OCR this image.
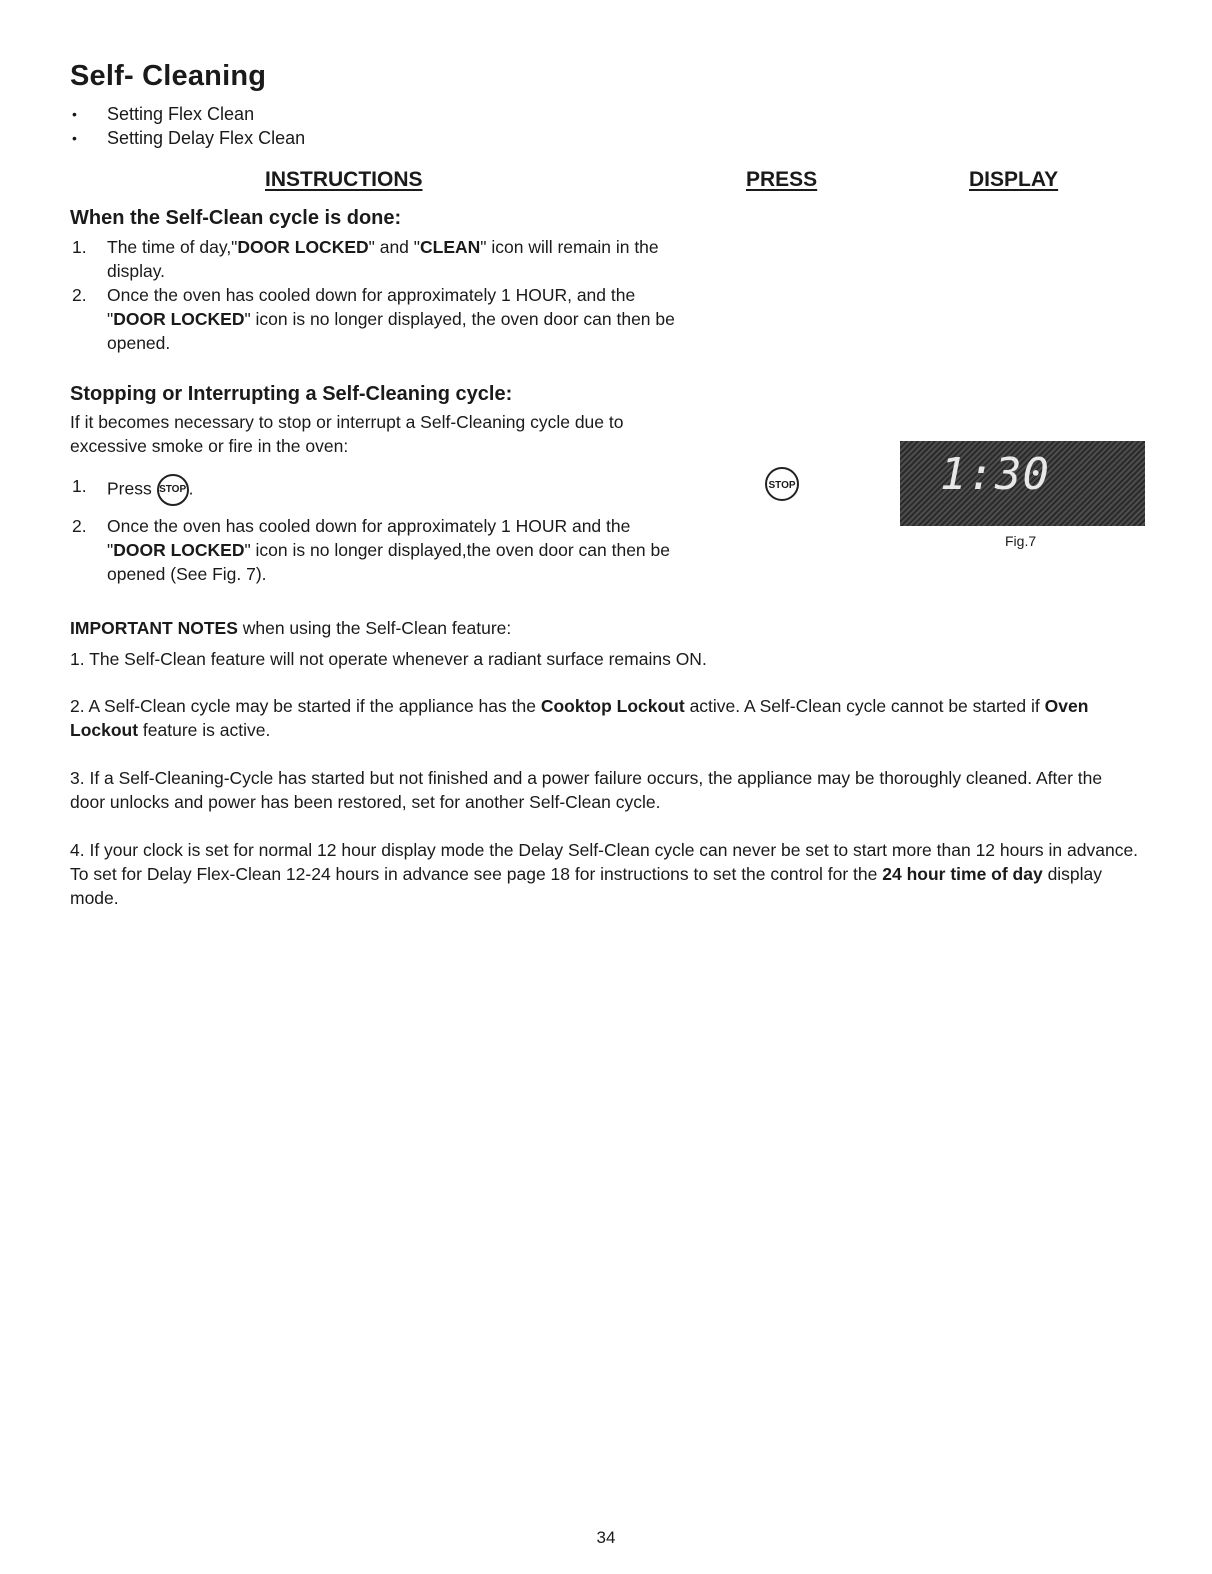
Self- Cleaning
• Setting Flex Clean
• Setting Delay Flex Clean
INSTRUCTIONS	PRESS	DISPLAY
When the Self-Clean cycle is done:
1. The time of day,"DOOR LOCKED" and "CLEAN" icon will remain in the display.
2. Once the oven has cooled down for approximately 1 HOUR, and the "DOOR LOCKED" icon is no longer displayed, the oven door can then be opened.
Stopping or Interrupting a Self-Cleaning cycle:
If it becomes necessary to stop or interrupt a Self-Cleaning cycle due to excessive smoke or fire in the oven:
1. Press STOP .
2. Once the oven has cooled down for approximately 1 HOUR and the "DOOR LOCKED" icon is no longer displayed,the oven door can then be opened (See Fig. 7).
STOP	1:30
Fig.7
IMPORTANT NOTES when using the Self-Clean feature:
1. The Self-Clean feature will not operate whenever a radiant surface remains ON.
2. A Self-Clean cycle may be started if the appliance has the Cooktop Lockout active. A Self-Clean cycle cannot be started if Oven Lockout feature is active.
3. If a Self-Cleaning-Cycle has started but not finished and a power failure occurs, the appliance may be thoroughly cleaned. After the door unlocks and power has been restored, set for another Self-Clean cycle.
4. If your clock is set for normal 12 hour display mode the Delay Self-Clean cycle can never be set to start more than 12 hours in advance. To set for Delay Flex-Clean 12-24 hours in advance see page 18 for instructions to set the control for the 24 hour time of day display mode.
34
